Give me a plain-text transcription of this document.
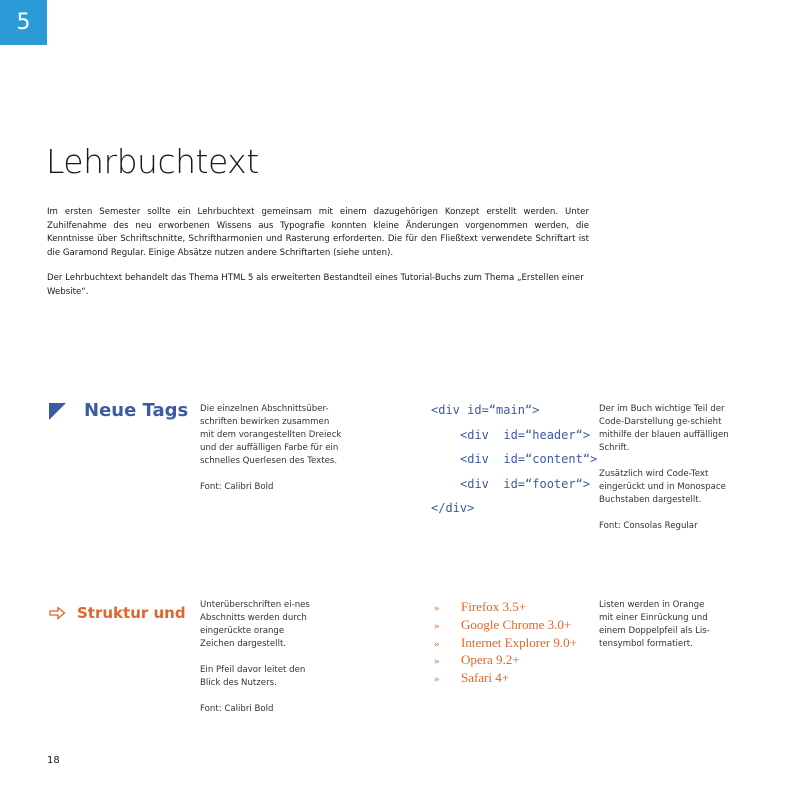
5
Lehrbuchtext

Im ersten Semester sollte ein Lehrbuchtext gemeinsam mit einem dazugehörigen Konzept erstellt werden. Unter Zuhilfenahme des neu erworbenen Wissens aus Typografie konnten kleine Änderungen vorgenommen werden, die Kenntnisse über Schriftschnitte, Schriftharmonien und Rasterung erforderten. Die für den Fließtext verwendete Schriftart ist die Garamond Regular. Einige Absätze nutzen andere Schriftarten (siehe unten).

Der Lehrbuchtext behandelt das Thema HTML 5 als erweiterten Bestandteil eines Tutorial-Buchs zum Thema „Erstellen einer Website“.

Neue Tags Die einzelnen Abschnittsüber-schriften bewirken zusammen mit dem vorangestellten Dreieck und der auffälligen Farbe für ein schnelles Querlesen des Textes.

Font: Calibri Bold

<div id=“main“>
<div  id=“header“>
<div  id=“content“>
<div  id=“footer“>
</div>

Der im Buch wichtige Teil der Code-Darstellung ge-schieht mithilfe der blauen auffälligen Schrift.

Zusätzlich wird Code-Text eingerückt und in Monospace Buchstaben dargestellt.

Font: Consolas Regular

Struktur und Unterüberschriften ei-nes Abschnitts werden durch eingerückte orange Zeichen dargestellt.

Ein Pfeil davor leitet den Blick des Nutzers.

Font: Calibri Bold

» Firefox 3.5+
» Google Chrome 3.0+
» Internet Explorer 9.0+
» Opera 9.2+
» Safari 4+

Listen werden in Orange mit einer Einrückung und einem Doppelpfeil als Lis-tensymbol formatiert.

18
